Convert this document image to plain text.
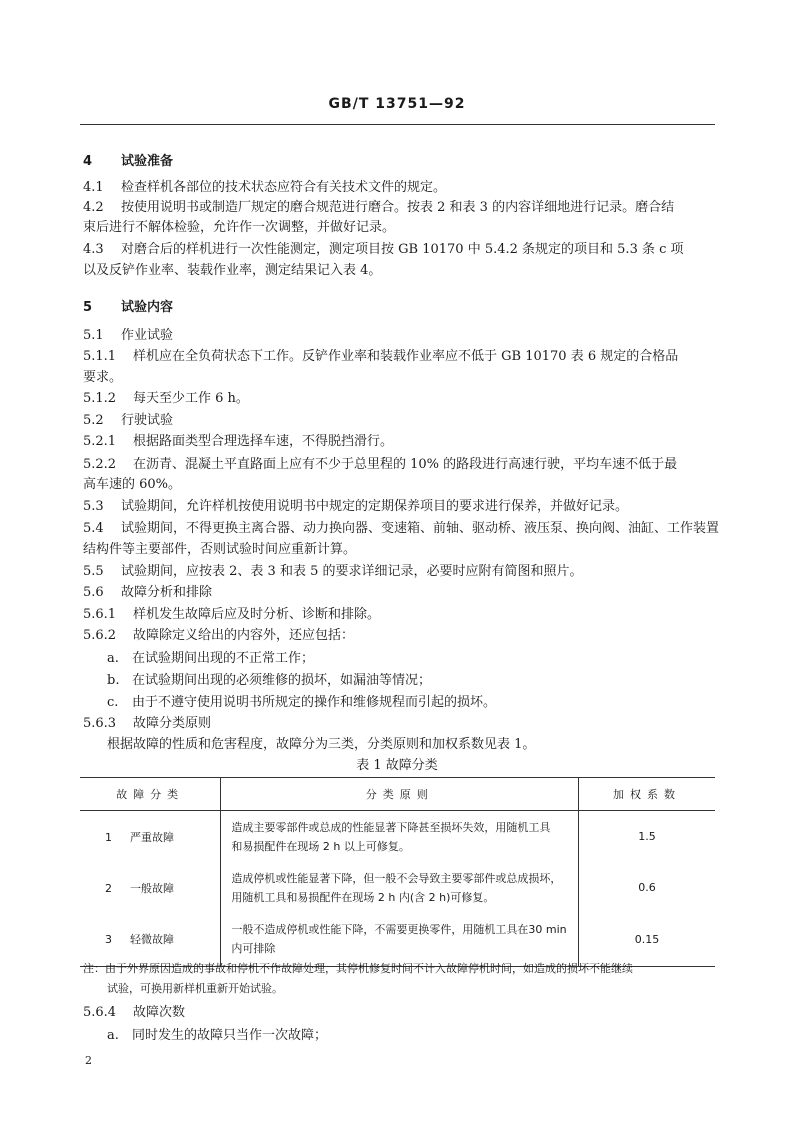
GB/T 13751—92
4 试验准备
4.1 检查样机各部位的技术状态应符合有关技术文件的规定。
4.2 按使用说明书或制造厂规定的磨合规范进行磨合。按表 2 和表 3 的内容详细地进行记录。磨合结
束后进行不解体检验，允许作一次调整，并做好记录。
4.3 对磨合后的样机进行一次性能测定，测定项目按 GB 10170 中 5.4.2 条规定的项目和 5.3 条 c 项
以及反铲作业率、装载作业率，测定结果记入表 4。
5 试验内容
5.1 作业试验
5.1.1 样机应在全负荷状态下工作。反铲作业率和装载作业率应不低于 GB 10170 表 6 规定的合格品
要求。
5.1.2 每天至少工作 6 h。
5.2 行驶试验
5.2.1 根据路面类型合理选择车速，不得脱挡滑行。
5.2.2 在沥青、混凝土平直路面上应有不少于总里程的 10% 的路段进行高速行驶，平均车速不低于最
高车速的 60%。
5.3 试验期间，允许样机按使用说明书中规定的定期保养项目的要求进行保养，并做好记录。
5.4 试验期间，不得更换主离合器、动力换向器、变速箱、前轴、驱动桥、液压泵、换向阀、油缸、工作装置
结构件等主要部件，否则试验时间应重新计算。
5.5 试验期间，应按表 2、表 3 和表 5 的要求详细记录，必要时应附有简图和照片。
5.6 故障分析和排除
5.6.1 样机发生故障后应及时分析、诊断和排除。
5.6.2 故障除定义给出的内容外，还应包括：
a. 在试验期间出现的不正常工作；
b. 在试验期间出现的必须维修的损坏，如漏油等情况；
c. 由于不遵守使用说明书所规定的操作和维修规程而引起的损坏。
5.6.3 故障分类原则
根据故障的性质和危害程度，故障分为三类，分类原则和加权系数见表 1。
表 1 故障分类
故障分类	分类原则	加权系数
1 严重故障	造成主要零部件或总成的性能显著下降甚至损坏失效，用随机工具
和易损配件在现场 2 h 以上可修复。	1.5
2 一般故障	造成停机或性能显著下降，但一般不会导致主要零部件或总成损坏，
用随机工具和易损配件在现场 2 h 内(含 2 h)可修复。	0.6
3 轻微故障	一般不造成停机或性能下降，不需要更换零件，用随机工具在30 min
内可排除	0.15
注：由于外界原因造成的事故和停机不作故障处理，其停机修复时间不计入故障停机时间，如造成的损坏不能继续
试验，可换用新样机重新开始试验。
5.6.4 故障次数
a. 同时发生的故障只当作一次故障；
2
